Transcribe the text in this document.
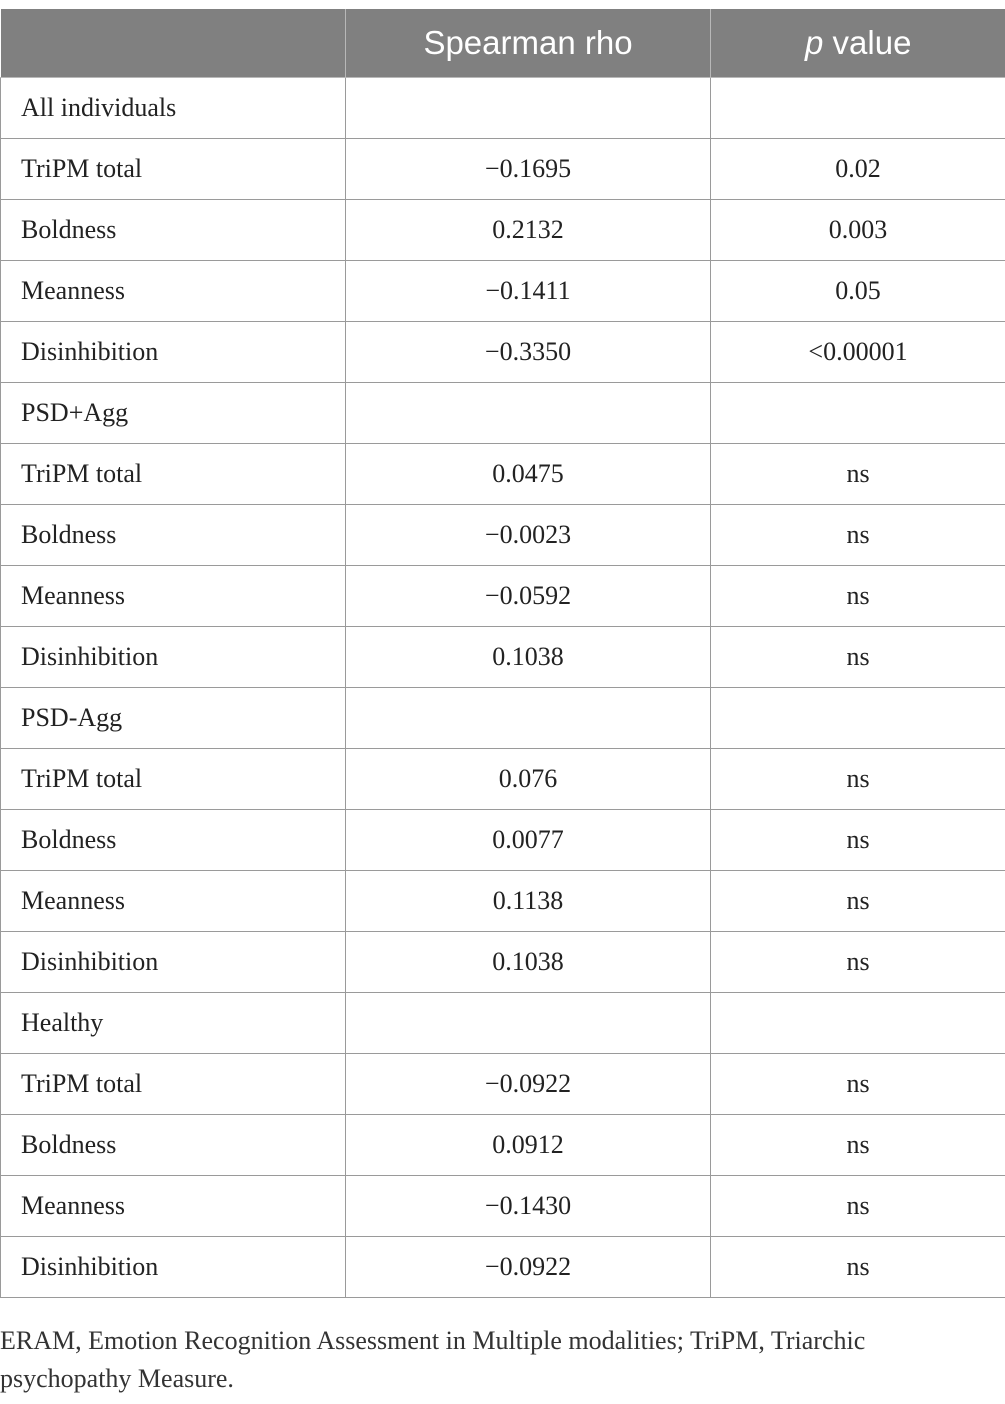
	Spearman rho	p value
All individuals		
TriPM total	−0.1695	0.02
Boldness	0.2132	0.003
Meanness	−0.1411	0.05
Disinhibition	−0.3350	<0.00001
PSD+Agg		
TriPM total	0.0475	ns
Boldness	−0.0023	ns
Meanness	−0.0592	ns
Disinhibition	0.1038	ns
PSD-Agg		
TriPM total	0.076	ns
Boldness	0.0077	ns
Meanness	0.1138	ns
Disinhibition	0.1038	ns
Healthy		
TriPM total	−0.0922	ns
Boldness	0.0912	ns
Meanness	−0.1430	ns
Disinhibition	−0.0922	ns
ERAM, Emotion Recognition Assessment in Multiple modalities; TriPM, Triarchic psychopathy Measure.
